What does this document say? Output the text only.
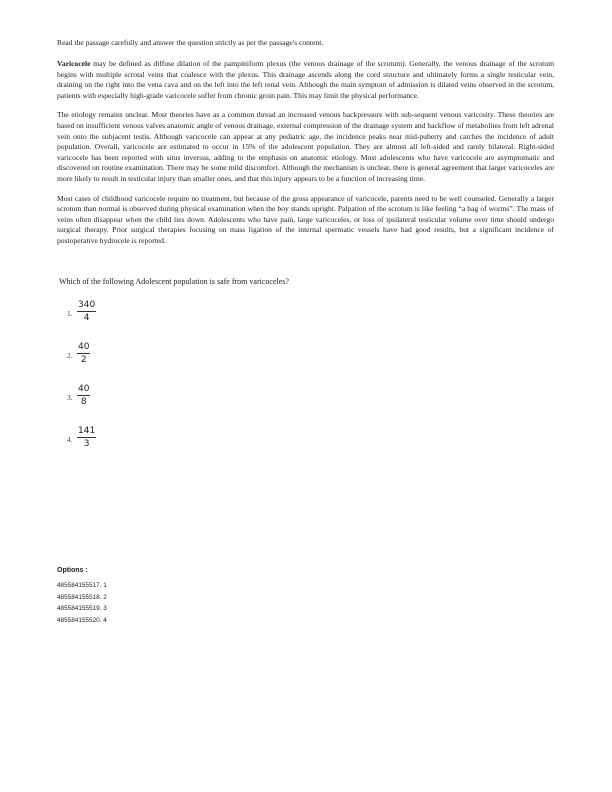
Read the passage carefully and answer the question strictly as per the passage's content.

Varicocele may be defined as diffuse dilation of the pampiniform plexus (the venous drainage of the scrotum). Generally, the venous drainage of the scrotum begins with multiple scrotal veins that coalesce with the plexus. This drainage ascends along the cord structure and ultimately forms a single testicular vein, draining on the right into the vena cava and on the left into the left renal vein. Although the main symptom of admission is dilated veins observed in the scrotum, patients with especially high-grade varicocele suffer from chronic groin pain. This may limit the physical performance.

The etiology remains unclear. Most theories have as a common thread an increased venous backpressure with sub-sequent venous varicosity. These theories are based on insufficient venous valves anatomic angle of venous drainage, external compression of the drainage system and backflow of metabolites from left adrenal vein onto the subjacent testis. Although varicocele can appear at any pediatric age, the incidence peaks near mid-puberty and catches the incidence of adult population. Overall, varicocele are estimated to occur in 15% of the adolescent population. They are almost all left-sided and rarely bilateral. Right-sided varicocele has been reported with situs inversus, adding to the emphasis on anatomic etiology. Most adolescents who have varicocele are asymptomatic and discovered on routine examination. There may be some mild discomfort. Although the mechanism is unclear, there is general agreement that larger varicoceles are more likely to result in testicular injury than smaller ones, and that this injury appears to be a function of increasing time.

Most cases of childhood varicocele require no treatment, but because of the gross appearance of varicocele, parents need to be well counseled. Generally a larger scrotum than normal is observed during physical examination when the boy stands upright. Palpation of the scrotum is like feeling “a bag of worms”. The mass of veins often disappear when the child lies down. Adolescents who have pain, large varicoceles, or loss of ipsilateral testicular volume over time should undergo surgical therapy. Prior surgical therapies focusing on mass ligation of the internal spermatic vessels have had good results, but a significant incidence of postoperative hydrocele is reported.

Which of the following Adolescent population is safe from varicoceles?

1. $\frac{340}{4}$
2. $\frac{40}{2}$
3. $\frac{40}{8}$
4. $\frac{141}{3}$
Options :
485584155517. 1
485584155518. 2
485584155519. 3
485584155520. 4
